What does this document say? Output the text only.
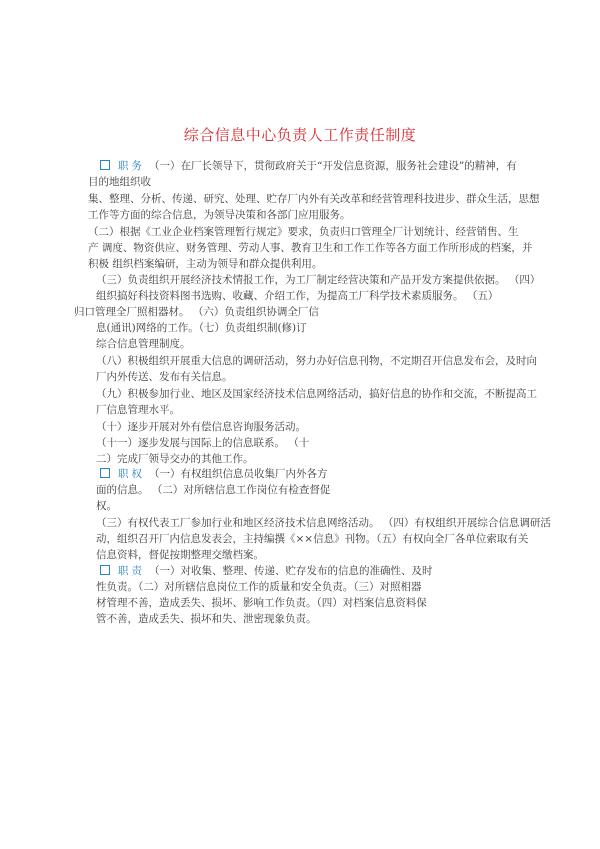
综合信息中心负责人工作责任制度
职务 （一）在厂长领导下，贯彻政府关于“开发信息资源，服务社会建设”的精神，有
目的地组织收
集、整理、分析、传递、研究、处理、贮存厂内外有关改革和经营管理科技进步、群众生活，思想
工作等方面的综合信息，为领导决策和各部门应用服务。
（二）根据《工业企业档案管理暂行规定》要求，负责归口管理全厂计划统计、经营销售、生
产 调度、物资供应、财务管理、劳动人事、教育卫生和工作工作等各方面工作所形成的档案，并
积极 组织档案编研，主动为领导和群众提供利用。
（三）负责组织开展经济技术情报工作，为工厂制定经营决策和产品开发方案提供依据。 （四）
组织搞好科技资料图书选购、收藏、介绍工作，为提高工厂科学技术素质服务。 （五）
归口管理全厂照相器材。 （六）负责组织协调全厂信
息(通讯)网络的工作。（七）负责组织制(修)订
综合信息管理制度。
（八）积极组织开展重大信息的调研活动，努力办好信息刊物，不定期召开信息发布会，及时向
厂内外传送、发布有关信息。
（九）积极参加行业、地区及国家经济技术信息网络活动，搞好信息的协作和交流，不断提高工
厂信息管理水平。
（十）逐步开展对外有偿信息咨询服务活动。
（十一）逐步发展与国际上的信息联系。 （十
二）完成厂领导交办的其他工作。
职权 （一）有权组织信息员收集厂内外各方
面的信息。 （二）对所辖信息工作岗位有检查督促
权。
（三）有权代表工厂参加行业和地区经济技术信息网络活动。 （四）有权组织开展综合信息调研活
动，组织召开厂内信息发表会，主持编撰《××信息》刊物。（五）有权向全厂各单位索取有关
信息资料，督促按期整理交缴档案。
职责 （一）对收集、整理、传递、贮存发布的信息的准确性、及时
性负责。（二）对所辖信息岗位工作的质量和安全负责。（三）对照相器
材管理不善，造成丢失、损坏、影响工作负责。（四）对档案信息资料保
管不善，造成丢失、损坏和失、泄密现象负责。
